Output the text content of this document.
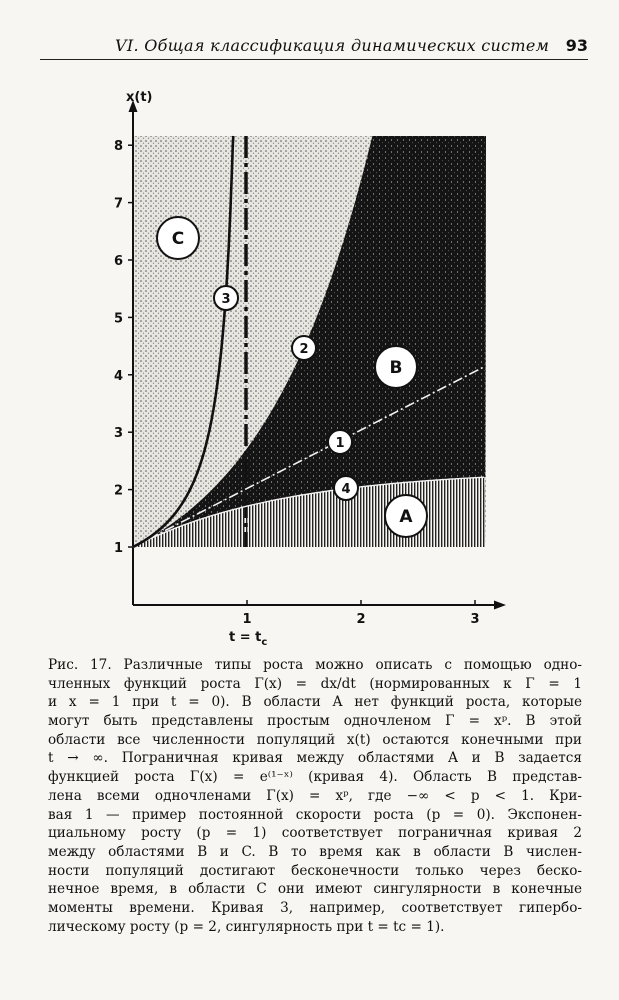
VI. Общая классификация динамических систем 93
x(t)
1
2
3
4
5
6
7
8
1	2	3
$t = t_c$
C
B
A
3
2
1
4
Рис. 17. Различные типы роста можно описать с помощью одно-
членных функций роста Γ(x) = dx/dt (нормированных к Γ = 1
и x = 1 при t = 0). В области A нет функций роста, которые
могут быть представлены простым одночленом Γ = xᵖ. В этой
области все численности популяций x(t) остаются конечными при
t → ∞. Пограничная кривая между областями A и B задается
функцией роста Γ(x) = e⁽¹⁻ˣ⁾ (кривая 4). Область B представ-
лена всеми одночленами Γ(x) = xᵖ, где −∞ < p < 1. Кри-
вая 1 — пример постоянной скорости роста (p = 0). Экспонен-
циальному росту (p = 1) соответствует пограничная кривая 2
между областями B и C. В то время как в области B числен-
ности популяций достигают бесконечности только через беско-
нечное время, в области C они имеют сингулярности в конечные
моменты времени. Кривая 3, например, соответствует гипербо-
лическому росту (p = 2, сингулярность при t = tc = 1).
